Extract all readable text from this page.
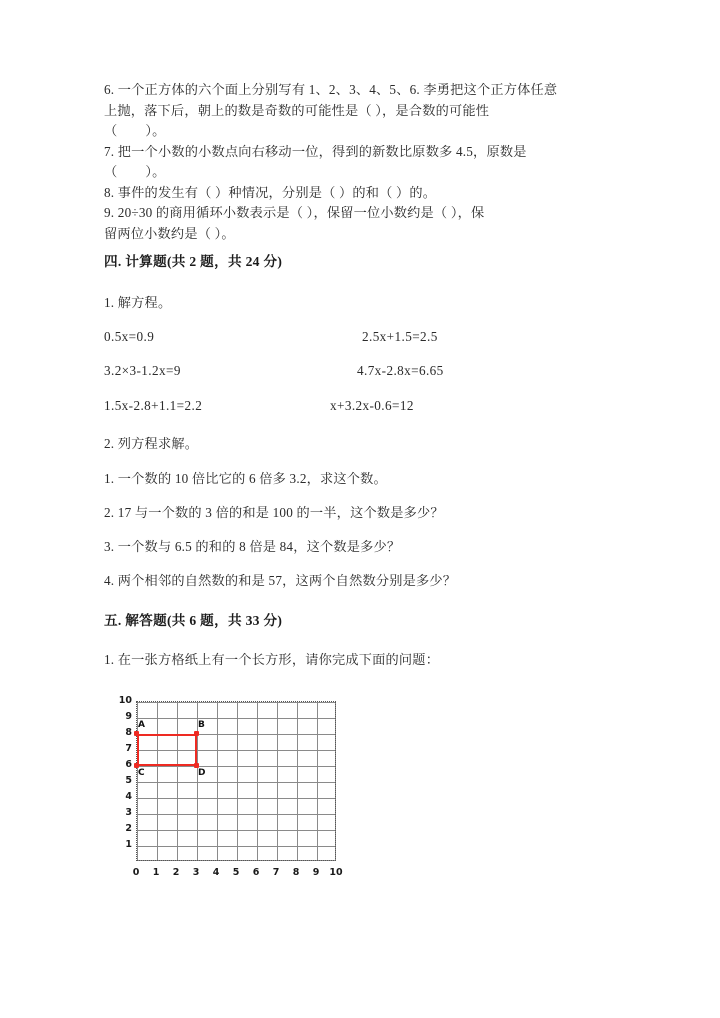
6. 一个正方体的六个面上分别写有 1、2、3、4、5、6. 李勇把这个正方体任意
上抛，落下后，朝上的数是奇数的可能性是（ ），是合数的可能性
（        ）。
7. 把一个小数的小数点向右移动一位，得到的新数比原数多 4.5，原数是
（        ）。
8. 事件的发生有（ ）种情况，分别是（ ）的和（ ）的。
9. 20÷30 的商用循环小数表示是（ ），保留一位小数约是（ ），保
留两位小数约是（ ）。
四. 计算题(共 2 题，共 24 分)
1. 解方程。
0.5x=0.9	2.5x+1.5=2.5
3.2×3-1.2x=9	4.7x-2.8x=6.65
1.5x-2.8+1.1=2.2	x+3.2x-0.6=12
2. 列方程求解。
1. 一个数的 10 倍比它的 6 倍多 3.2，求这个数。
2. 17 与一个数的 3 倍的和是 100 的一半，这个数是多少？
3. 一个数与 6.5 的和的 8 倍是 84，这个数是多少？
4. 两个相邻的自然数的和是 57，这两个自然数分别是多少？
五. 解答题(共 6 题，共 33 分)
1. 在一张方格纸上有一个长方形，请你完成下面的问题：
1
2
3
4
5
6
7
8
9
10
0	1	2	3	4	5	6	7	8	9	10
A	B
C	D
